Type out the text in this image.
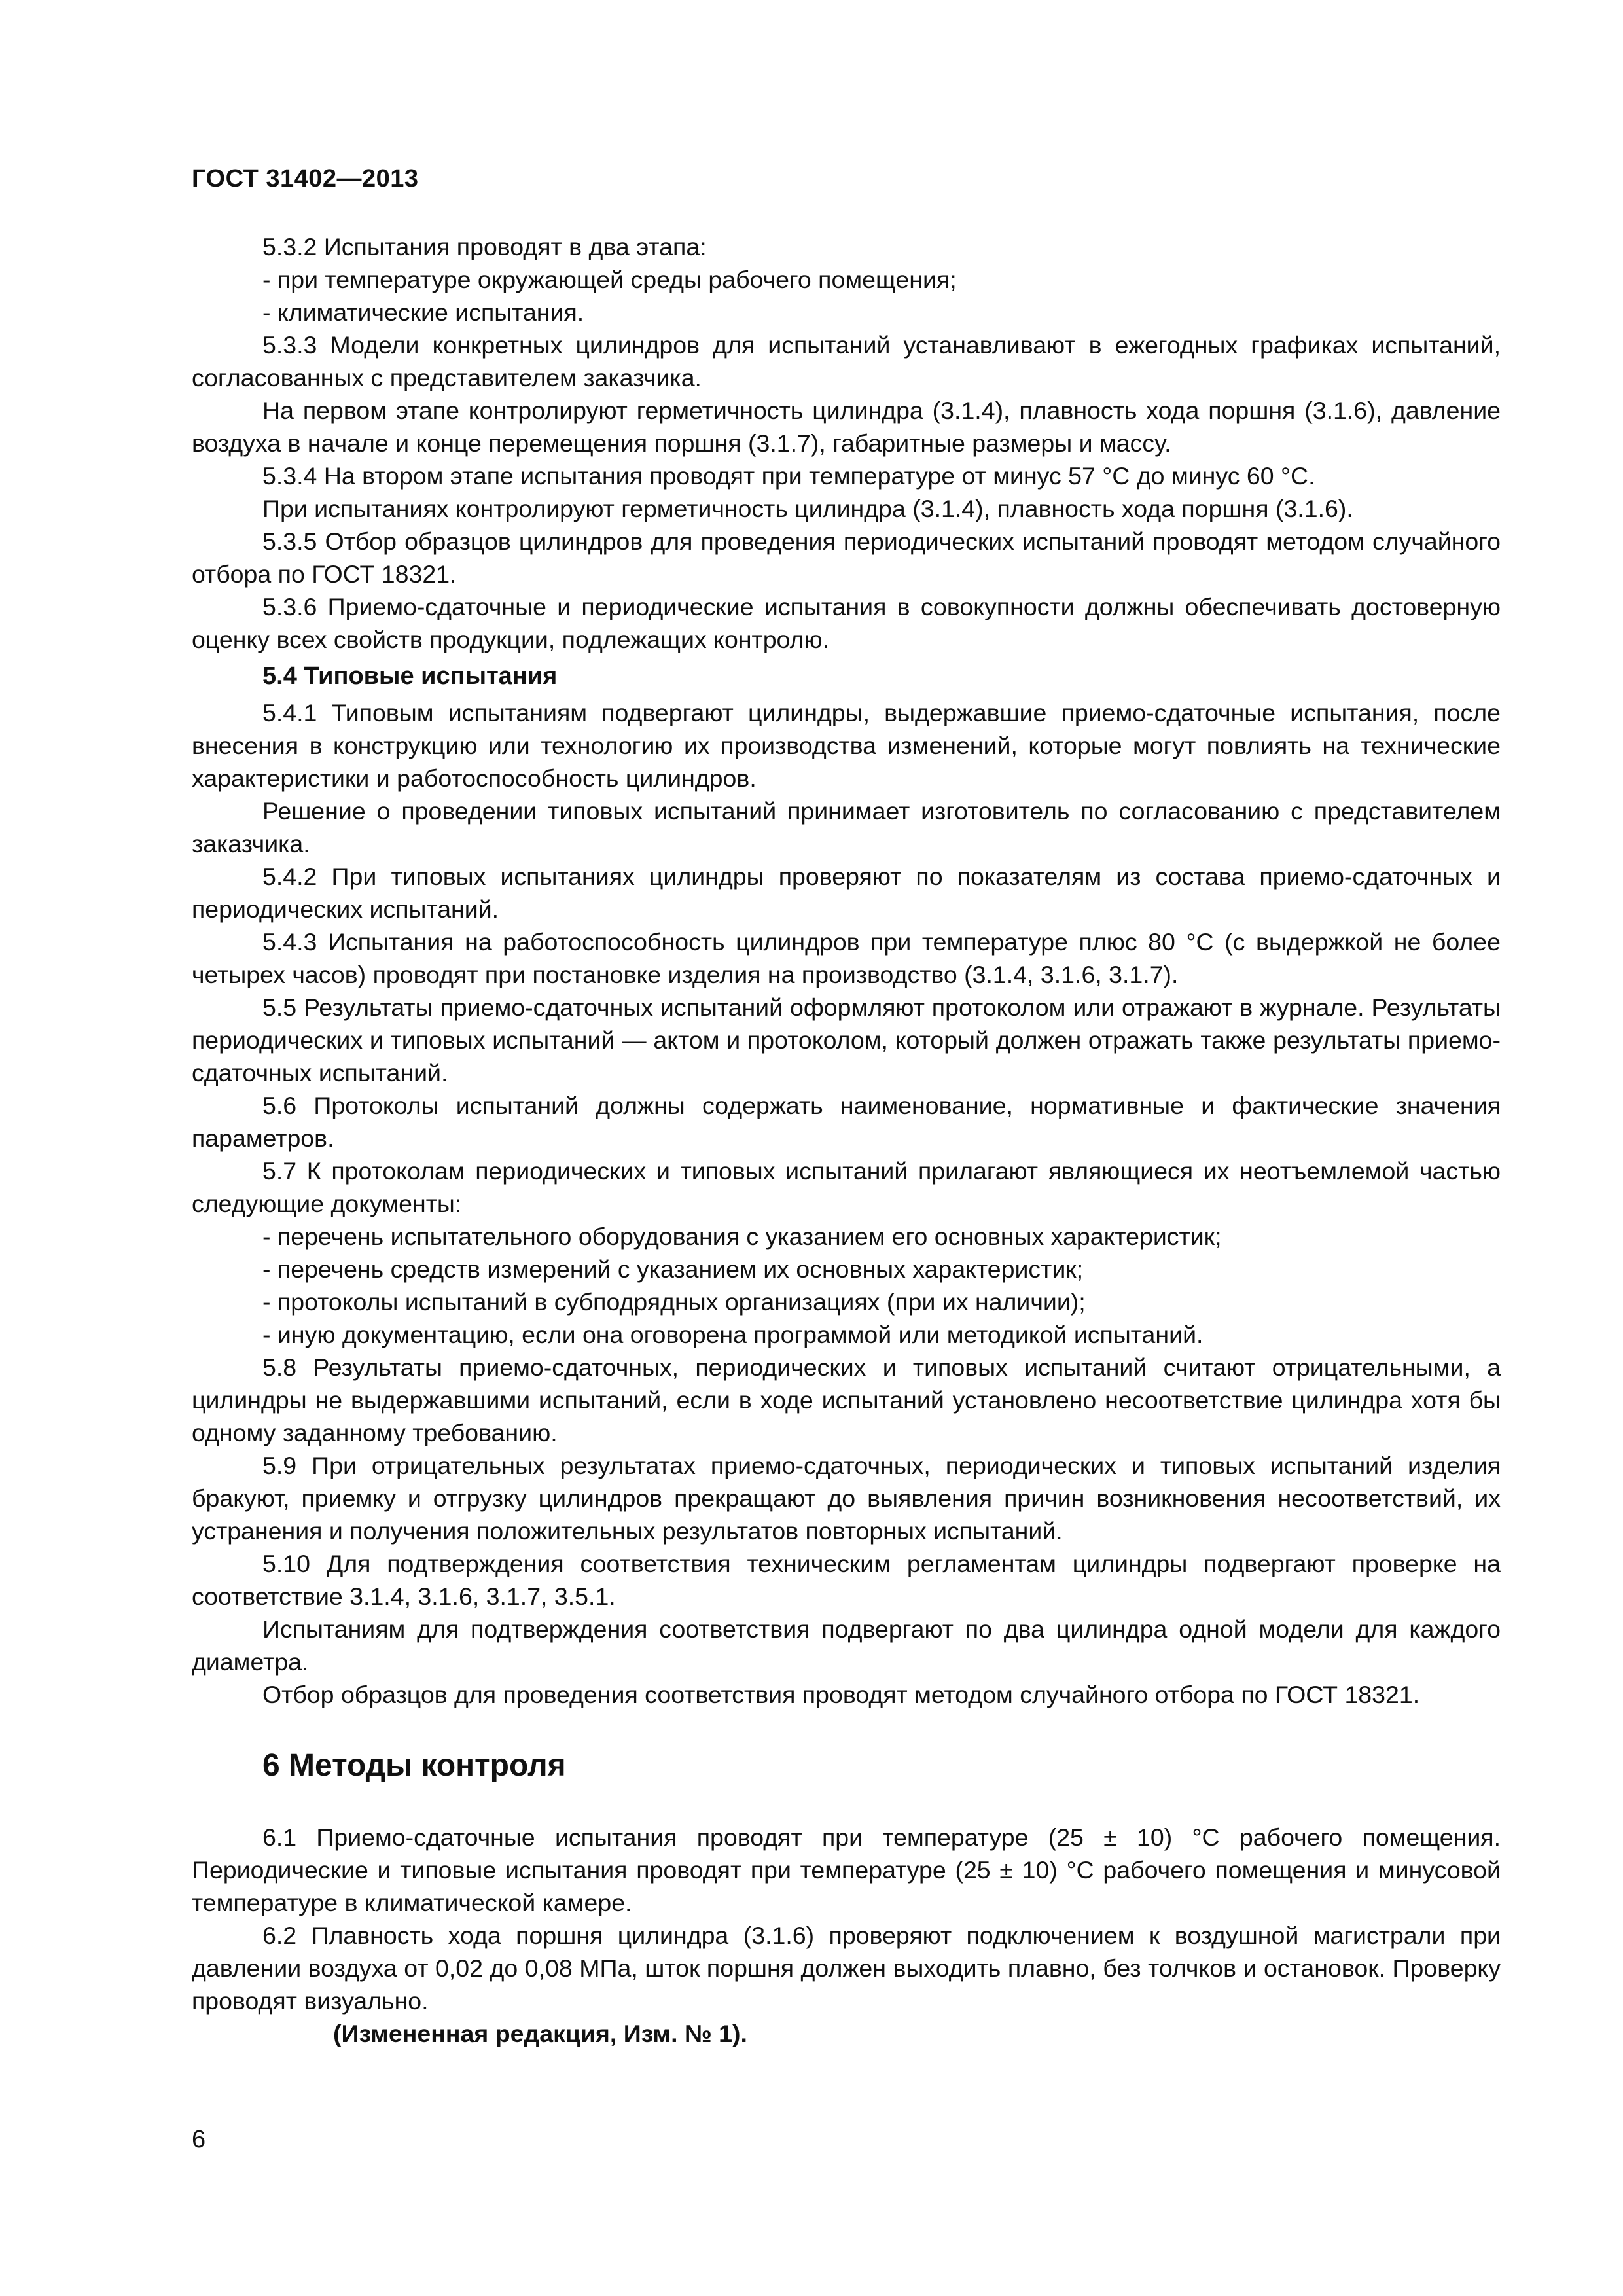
ГОСТ 31402—2013

5.3.2 Испытания проводят в два этапа:

- при температуре окружающей среды рабочего помещения;

- климатические испытания.

5.3.3 Модели конкретных цилиндров для испытаний устанавливают в ежегодных графиках испытаний, согласованных с представителем заказчика.

На первом этапе контролируют герметичность цилиндра (3.1.4), плавность хода поршня (3.1.6), давление воздуха в начале и конце перемещения поршня (3.1.7), габаритные размеры и массу.

5.3.4 На втором этапе испытания проводят при температуре от минус 57 °С до минус 60 °С.

При испытаниях контролируют герметичность цилиндра (3.1.4), плавность хода поршня (3.1.6).

5.3.5 Отбор образцов цилиндров для проведения периодических испытаний проводят методом случайного отбора по ГОСТ 18321.

5.3.6 Приемо-сдаточные и периодические испытания в совокупности должны обеспечивать достоверную оценку всех свойств продукции, подлежащих контролю.

5.4 Типовые испытания

5.4.1 Типовым испытаниям подвергают цилиндры, выдержавшие приемо-сдаточные испытания, после внесения в конструкцию или технологию их производства изменений, которые могут повлиять на технические характеристики и работоспособность цилиндров.

Решение о проведении типовых испытаний принимает изготовитель по согласованию с представителем заказчика.

5.4.2 При типовых испытаниях цилиндры проверяют по показателям из состава приемо-сдаточных и периодических испытаний.

5.4.3 Испытания на работоспособность цилиндров при температуре плюс 80 °С (с выдержкой не более четырех часов) проводят при постановке изделия на производство (3.1.4, 3.1.6, 3.1.7).

5.5 Результаты приемо-сдаточных испытаний оформляют протоколом или отражают в журнале. Результаты периодических и типовых испытаний — актом и протоколом, который должен отражать также результаты приемо-сдаточных испытаний.

5.6 Протоколы испытаний должны содержать наименование, нормативные и фактические значения параметров.

5.7 К протоколам периодических и типовых испытаний прилагают являющиеся их неотъемлемой частью следующие документы:

- перечень испытательного оборудования с указанием его основных характеристик;

- перечень средств измерений с указанием их основных характеристик;

- протоколы испытаний в субподрядных организациях (при их наличии);

- иную документацию, если она оговорена программой или методикой испытаний.

5.8 Результаты приемо-сдаточных, периодических и типовых испытаний считают отрицательными, а цилиндры не выдержавшими испытаний, если в ходе испытаний установлено несоответствие цилиндра хотя бы одному заданному требованию.

5.9 При отрицательных результатах приемо-сдаточных, периодических и типовых испытаний изделия бракуют, приемку и отгрузку цилиндров прекращают до выявления причин возникновения несоответствий, их устранения и получения положительных результатов повторных испытаний.

5.10 Для подтверждения соответствия техническим регламентам цилиндры подвергают проверке на соответствие 3.1.4, 3.1.6, 3.1.7, 3.5.1.

Испытаниям для подтверждения соответствия подвергают по два цилиндра одной модели для каждого диаметра.

Отбор образцов для проведения соответствия проводят методом случайного отбора по ГОСТ 18321.

6 Методы контроля

6.1 Приемо-сдаточные испытания проводят при температуре (25 ± 10) °С рабочего помещения. Периодические и типовые испытания проводят при температуре (25 ± 10) °С рабочего помещения и минусовой температуре в климатической камере.

6.2 Плавность хода поршня цилиндра (3.1.6) проверяют подключением к воздушной магистрали при давлении воздуха от 0,02 до 0,08 МПа, шток поршня должен выходить плавно, без толчков и остановок. Проверку проводят визуально.

(Измененная редакция, Изм. № 1).

6
